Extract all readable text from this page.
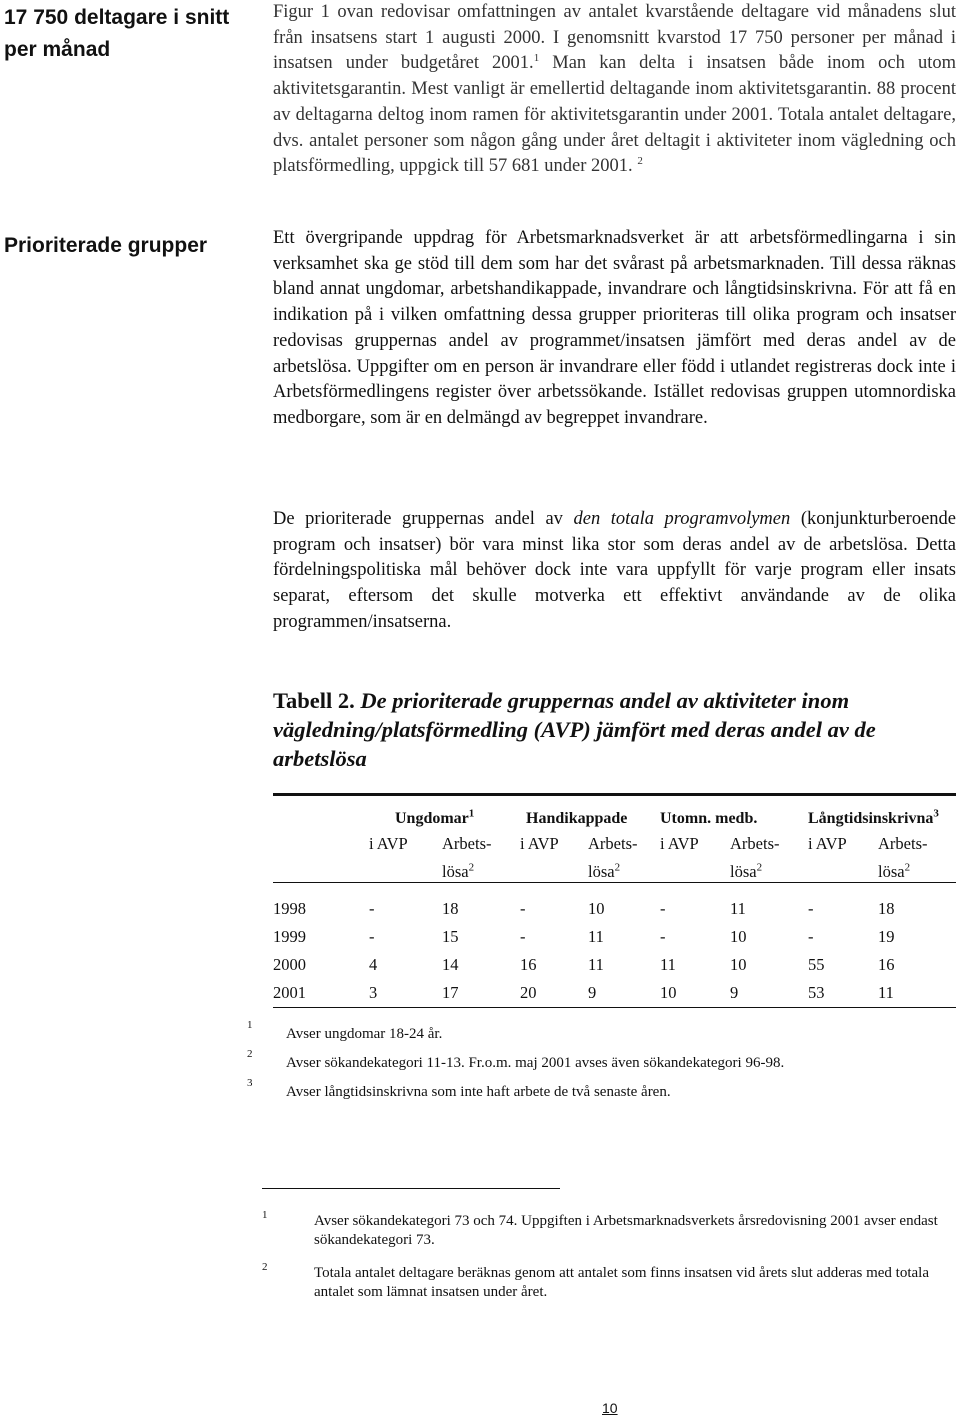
17 750 deltagare i snitt per månad
Prioriterade grupper

Figur 1 ovan redovisar omfattningen av antalet kvarstående deltagare vid månadens slut från insatsens start 1 augusti 2000. I genomsnitt kvarstod 17 750 personer per månad i insatsen under budgetåret 2001.$^1$ Man kan delta i insatsen både inom och utom aktivitetsgarantin. Mest vanligt är emellertid deltagande inom aktivitetsgarantin. 88 procent av deltagarna deltog inom ramen för aktivitetsgarantin under 2001. Totala antalet deltagare, dvs. antalet personer som någon gång under året deltagit i aktiviteter inom vägledning och platsförmedling, uppgick till 57 681 under 2001. $^2$

Ett övergripande uppdrag för Arbetsmarknadsverket är att arbetsförmedlingarna i sin verksamhet ska ge stöd till dem som har det svårast på arbetsmarknaden. Till dessa räknas bland annat ungdomar, arbetshandikappade, invandrare och långtidsinskrivna. För att få en indikation på i vilken omfattning dessa grupper prioriteras till olika program och insatser redovisas gruppernas andel av programmet/insatsen jämfört med deras andel av de arbetslösa. Uppgifter om en person är invandrare eller född i utlandet registreras dock inte i Arbetsförmedlingens register över arbetssökande. Istället redovisas gruppen utomnordiska medborgare, som är en delmängd av begreppet invandrare.

De prioriterade gruppernas andel av den totala programvolymen (konjunkturberoende program och insatser) bör vara minst lika stor som deras andel av de arbetslösa. Detta fördelningspolitiska mål behöver dock inte vara uppfyllt för varje program eller insats separat, eftersom det skulle motverka ett effektivt användande av de olika programmen/insatserna.

Tabell 2. De prioriterade gruppernas andel av aktiviteter inom vägledning/platsförmedling (AVP) jämfört med deras andel av de arbetslösa

	Ungdomar$^1$		Handikappade		Utomn. medb.		Långtidsinskrivna$^3$
	i AVP	Arbets-	i AVP	Arbets-	i AVP	Arbets-	i AVP	Arbets-
		lösa$^2$		lösa$^2$		lösa$^2$		lösa$^2$

1998	-	18	-	10	-	11	-	18
1999	-	15	-	11	-	10	-	19
2000	4	14	16	11	11	10	55	16
2001	3	17	20	9	10	9	53	11
1
Avser ungdomar 18-24 år.
2
Avser sökandekategori 11-13. Fr.o.m. maj 2001 avses även sökandekategori 96-98.
3
Avser långtidsinskrivna som inte haft arbete de två senaste åren.
1	Avser sökandekategori 73 och 74. Uppgiften i Arbetsmarknadsverkets årsredovisning 2001 avser endast sökandekategori 73.
2	Totala antalet deltagare beräknas genom att antalet som finns insatsen vid årets slut adderas med totala antalet som lämnat insatsen under året.
10
